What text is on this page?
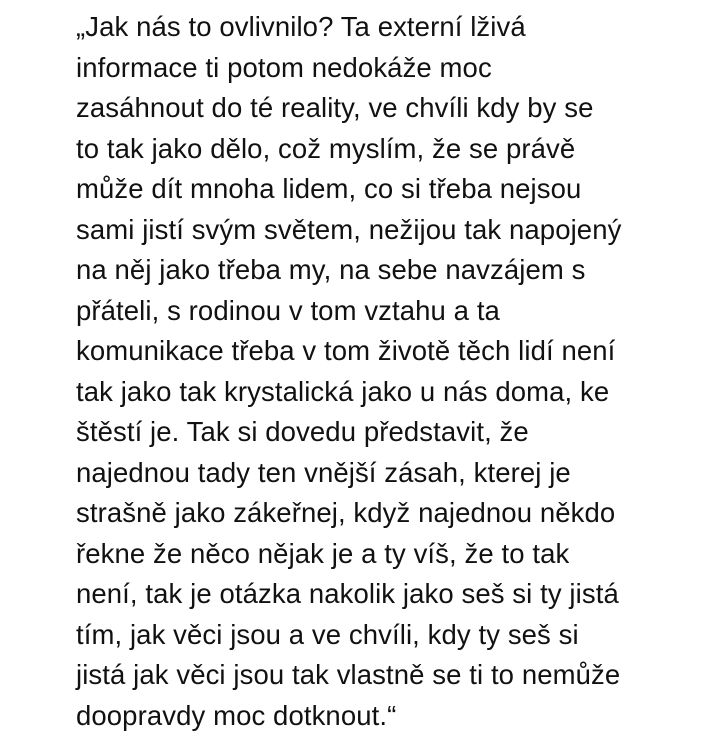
„Jak nás to ovlivnilo? Ta externí lživá
informace ti potom nedokáže moc
zasáhnout do té reality, ve chvíli kdy by se
to tak jako dělo, což myslím, že se právě
může dít mnoha lidem, co si třeba nejsou
sami jistí svým světem, nežijou tak napojený
na něj jako třeba my, na sebe navzájem s
přáteli, s rodinou v tom vztahu a ta
komunikace třeba v tom životě těch lidí není
tak jako tak krystalická jako u nás doma, ke
štěstí je. Tak si dovedu představit, že
najednou tady ten vnější zásah, kterej je
strašně jako zákeřnej, když najednou někdo
řekne že něco nějak je a ty víš, že to tak
není, tak je otázka nakolik jako seš si ty jistá
tím, jak věci jsou a ve chvíli, kdy ty seš si
jistá jak věci jsou tak vlastně se ti to nemůže
doopravdy moc dotknout.“
